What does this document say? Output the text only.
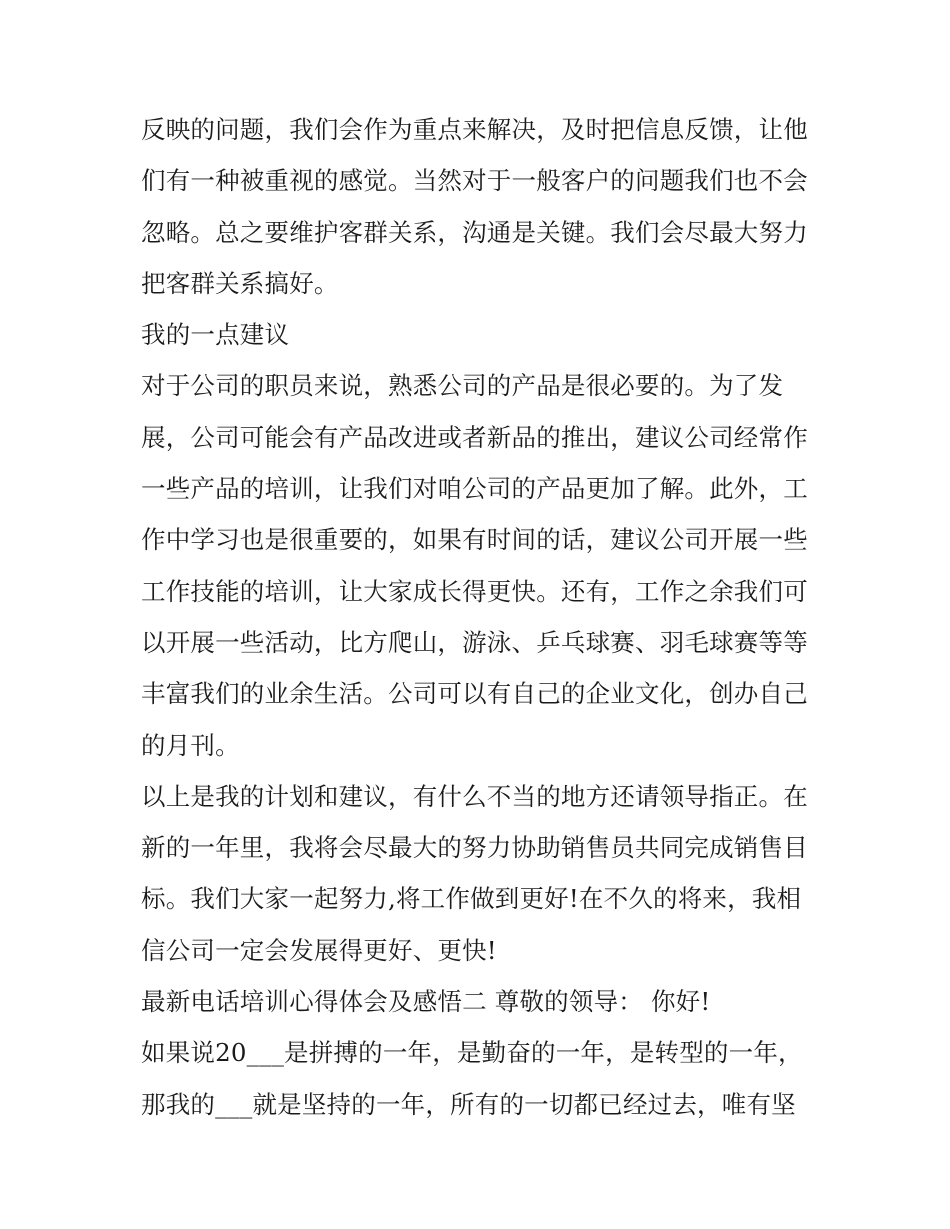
反映的问题，我们会作为重点来解决，及时把信息反馈，让他
们有一种被重视的感觉。当然对于一般客户的问题我们也不会
忽略。总之要维护客群关系，沟通是关键。我们会尽最大努力
把客群关系搞好。
我的一点建议
对于公司的职员来说，熟悉公司的产品是很必要的。为了发
展，公司可能会有产品改进或者新品的推出，建议公司经常作
一些产品的培训，让我们对咱公司的产品更加了解。此外，工
作中学习也是很重要的，如果有时间的话，建议公司开展一些
工作技能的培训，让大家成长得更快。还有，工作之余我们可
以开展一些活动，比方爬山，游泳、乒乓球赛、羽毛球赛等等
丰富我们的业余生活。公司可以有自己的企业文化，创办自己
的月刊。
以上是我的计划和建议，有什么不当的地方还请领导指正。在
新的一年里，我将会尽最大的努力协助销售员共同完成销售目
标。我们大家一起努力,将工作做到更好!在不久的将来，我相
信公司一定会发展得更好、更快!
最新电话培训心得体会及感悟二 尊敬的领导： 你好!
如果说20___是拼搏的一年，是勤奋的一年，是转型的一年，
那我的___就是坚持的一年，所有的一切都已经过去，唯有坚
